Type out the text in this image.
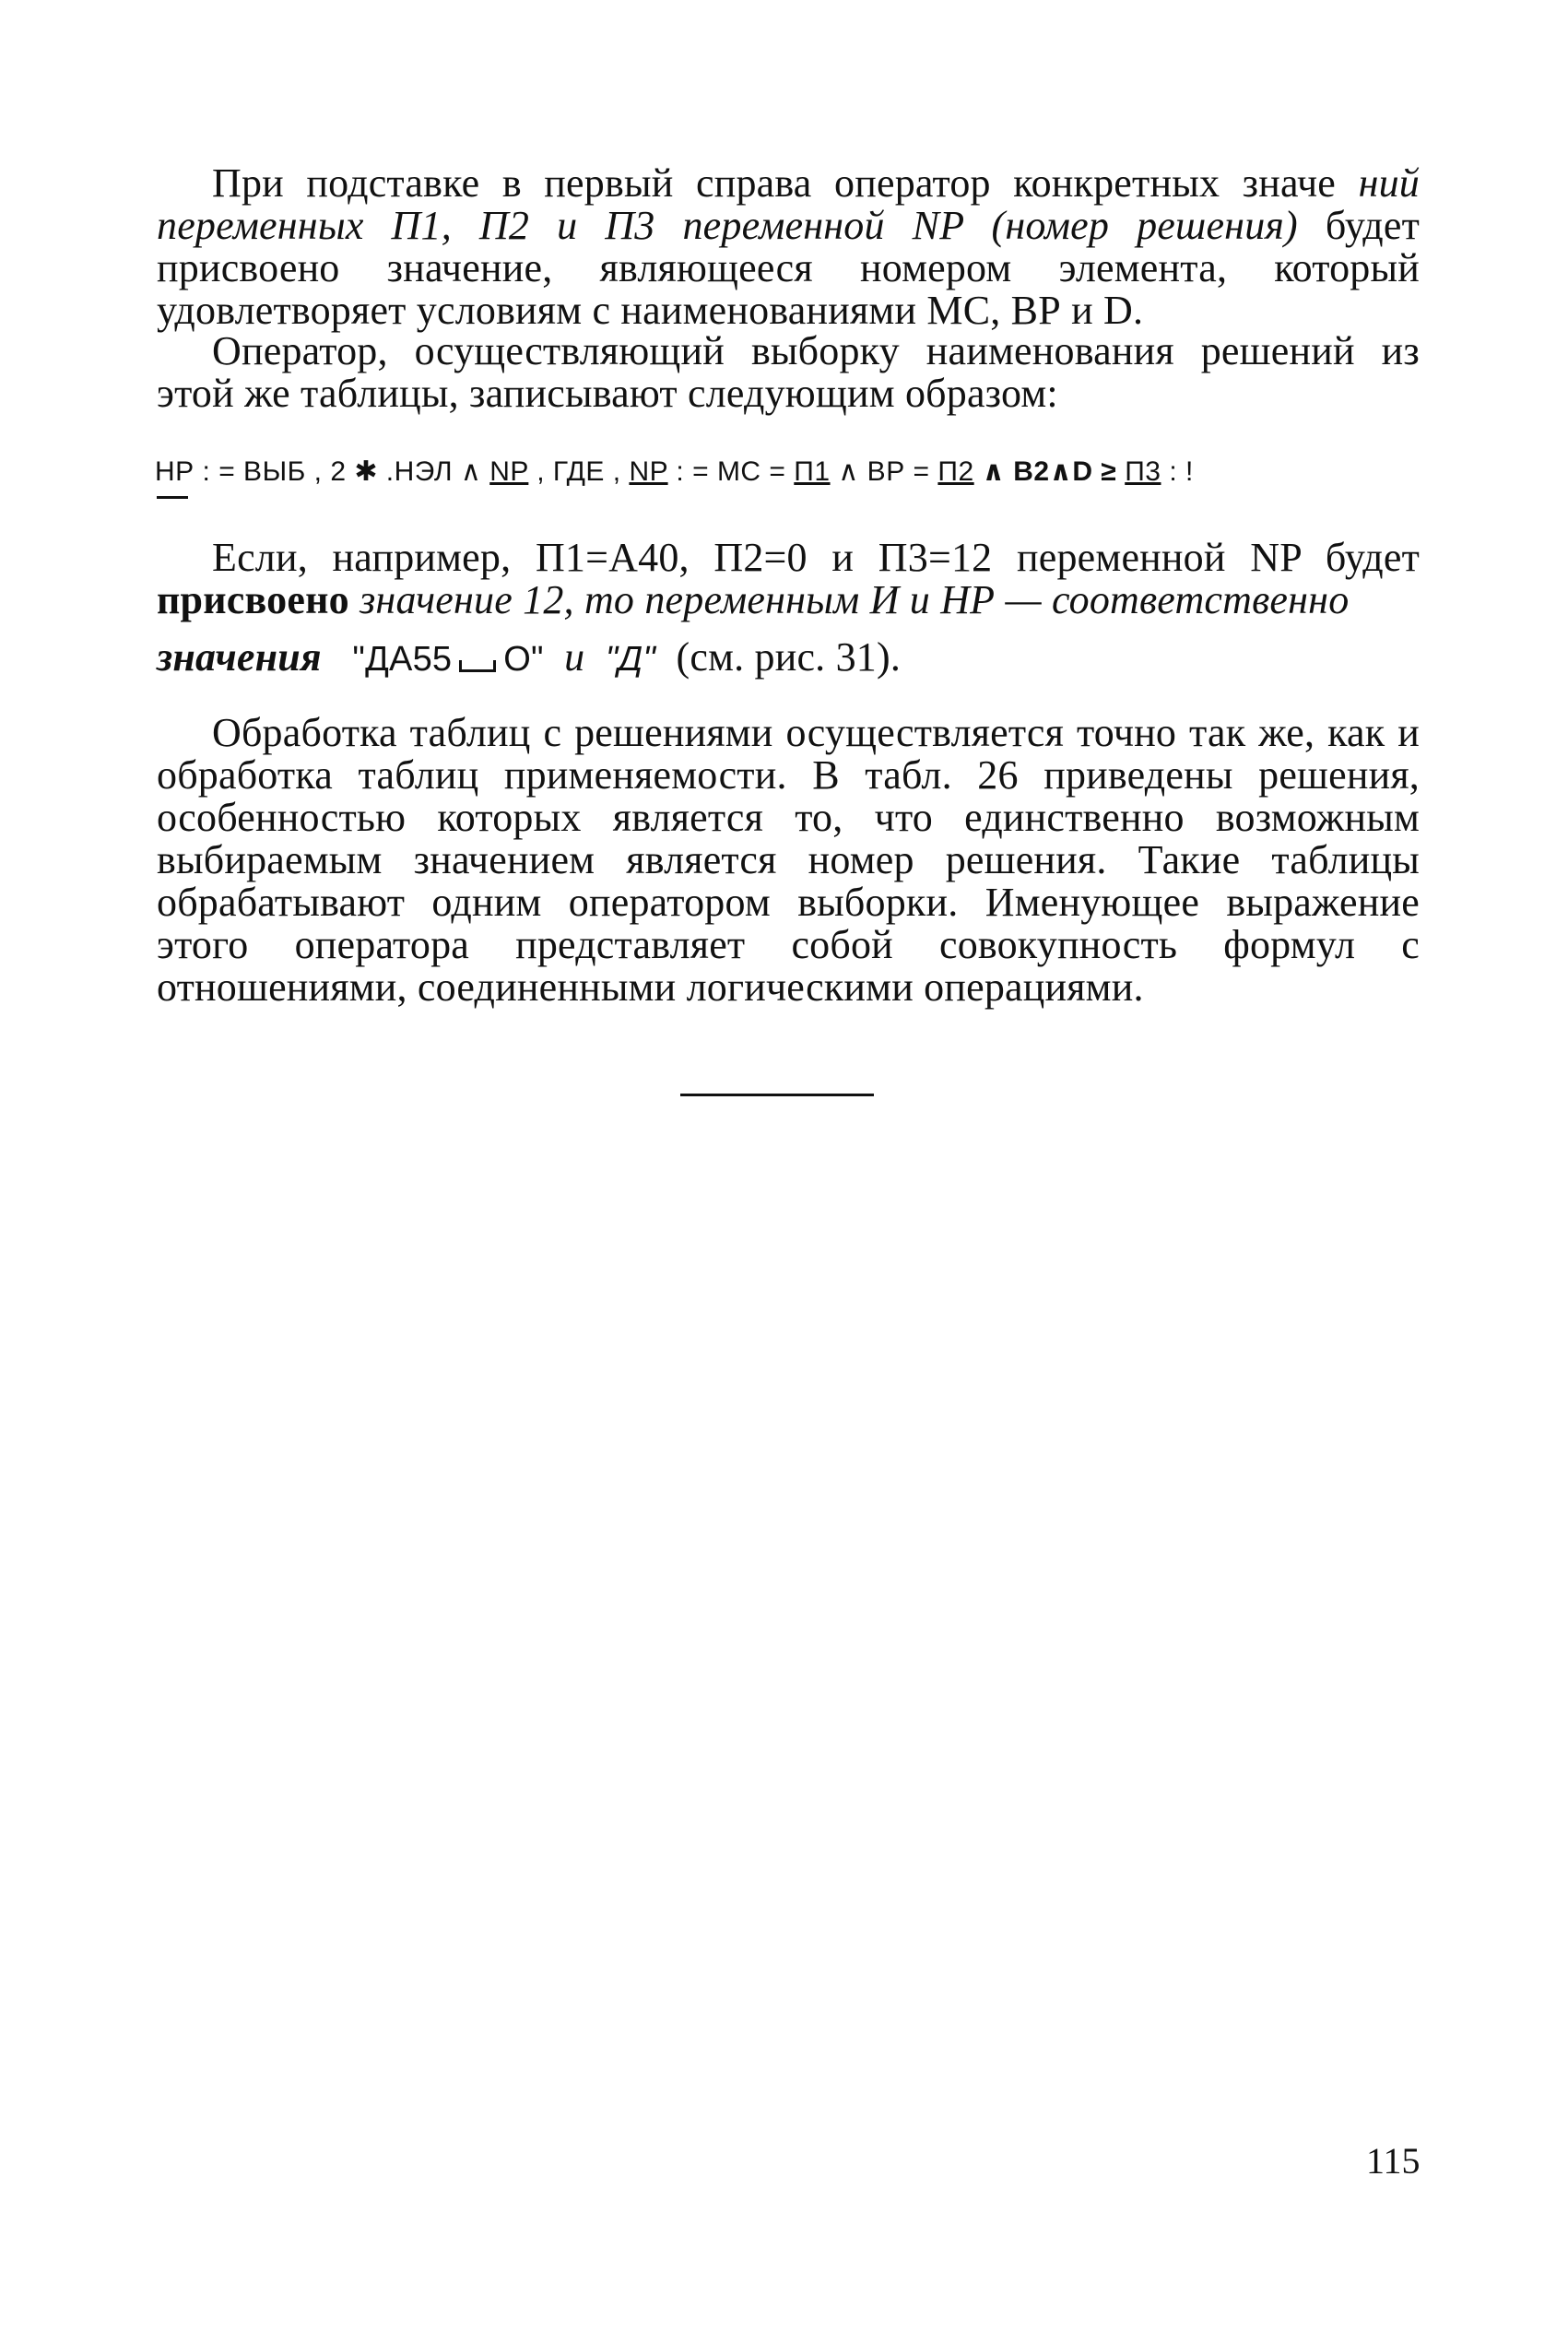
При подставке в первый справа оператор конкретных значе ний переменных П1, П2 и П3 переменной NP (номер решения) будет присвоено значение, являющееся номером элемента, который удовлетворяет условиям с наименованиями МС, ВР и D.

Оператор, осуществляющий выборку наименования решений из этой же таблицы, записывают следующим образом:

НР : = ВЫБ , 2 ✱ .НЭЛ ∧ NP , ГДЕ , NP : = МС = П1 ∧ ВР = П2 ∧ В2∧D ≥ П3 : !

Если, например, П1=А40, П2=0 и П3=12 переменной NP будет присвоено значение 12, то переменным И и НР — соответственно

значения "ДА55 О" и "Д" (см. рис. 31).

Обработка таблиц с решениями осуществляется точно так же, как и обработка таблиц применяемости. В табл. 26 приведены решения, особенностью которых является то, что единственно возможным выбираемым значением является номер решения. Такие таблицы обрабатывают одним оператором выборки. Именующее выражение этого оператора представляет собой совокупность формул с отношениями, соединенными логическими операциями.

115
